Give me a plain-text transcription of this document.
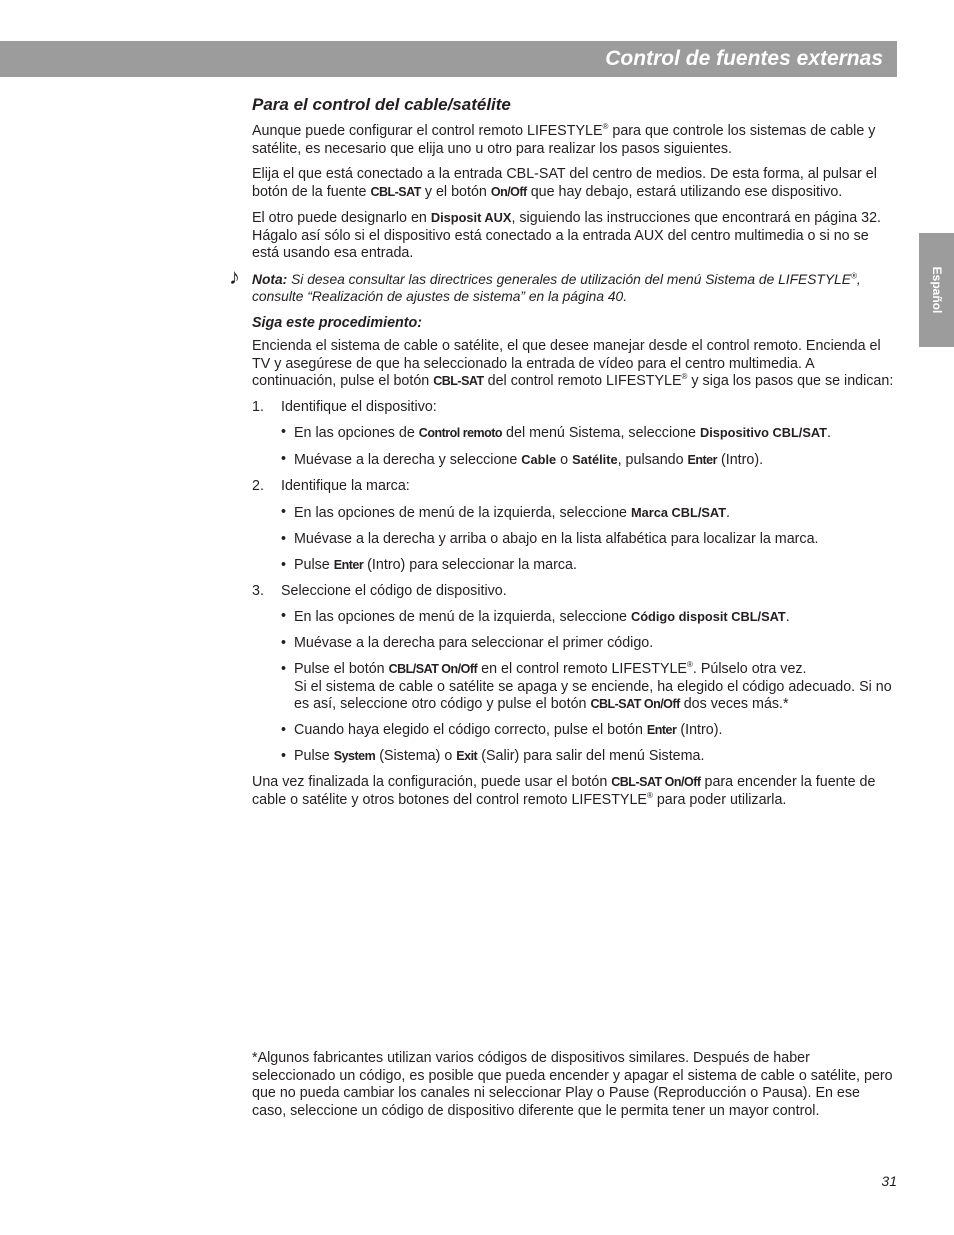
Control de fuentes externas
Español
Para el control del cable/satélite

Aunque puede configurar el control remoto LIFESTYLE® para que controle los sistemas de cable y satélite, es necesario que elija uno u otro para realizar los pasos siguientes.

Elija el que está conectado a la entrada CBL-SAT del centro de medios. De esta forma, al pulsar el botón de la fuente CBL-SAT y el botón On/Off que hay debajo, estará utilizando ese dispositivo.

El otro puede designarlo en Disposit AUX, siguiendo las instrucciones que encontrará en página 32. Hágalo así sólo si el dispositivo está conectado a la entrada AUX del centro multimedia o si no se está usando esa entrada.

♪ Nota: Si desea consultar las directrices generales de utilización del menú Sistema de LIFESTYLE®, consulte “Realización de ajustes de sistema” en la página 40.

Siga este procedimiento:

Encienda el sistema de cable o satélite, el que desee manejar desde el control remoto. Encienda el TV y asegúrese de que ha seleccionado la entrada de vídeo para el centro multimedia. A continuación, pulse el botón CBL-SAT del control remoto LIFESTYLE® y siga los pasos que se indican:

1. Identifique el dispositivo:
• En las opciones de Control remoto del menú Sistema, seleccione Dispositivo CBL/SAT.
• Muévase a la derecha y seleccione Cable o Satélite, pulsando Enter (Intro).
2. Identifique la marca:
• En las opciones de menú de la izquierda, seleccione Marca CBL/SAT.
• Muévase a la derecha y arriba o abajo en la lista alfabética para localizar la marca.
• Pulse Enter (Intro) para seleccionar la marca.
3. Seleccione el código de dispositivo.
• En las opciones de menú de la izquierda, seleccione Código disposit CBL/SAT.
• Muévase a la derecha para seleccionar el primer código.
• Pulse el botón CBL/SAT On/Off en el control remoto LIFESTYLE®. Púlselo otra vez.
Si el sistema de cable o satélite se apaga y se enciende, ha elegido el código adecuado. Si no es así, seleccione otro código y pulse el botón CBL-SAT On/Off dos veces más.*
• Cuando haya elegido el código correcto, pulse el botón Enter (Intro).
• Pulse System (Sistema) o Exit (Salir) para salir del menú Sistema.

Una vez finalizada la configuración, puede usar el botón CBL-SAT On/Off para encender la fuente de cable o satélite y otros botones del control remoto LIFESTYLE® para poder utilizarla.

*Algunos fabricantes utilizan varios códigos de dispositivos similares. Después de haber seleccionado un código, es posible que pueda encender y apagar el sistema de cable o satélite, pero que no pueda cambiar los canales ni seleccionar Play o Pause (Reproducción o Pausa). En ese caso, seleccione un código de dispositivo diferente que le permita tener un mayor control.
31
